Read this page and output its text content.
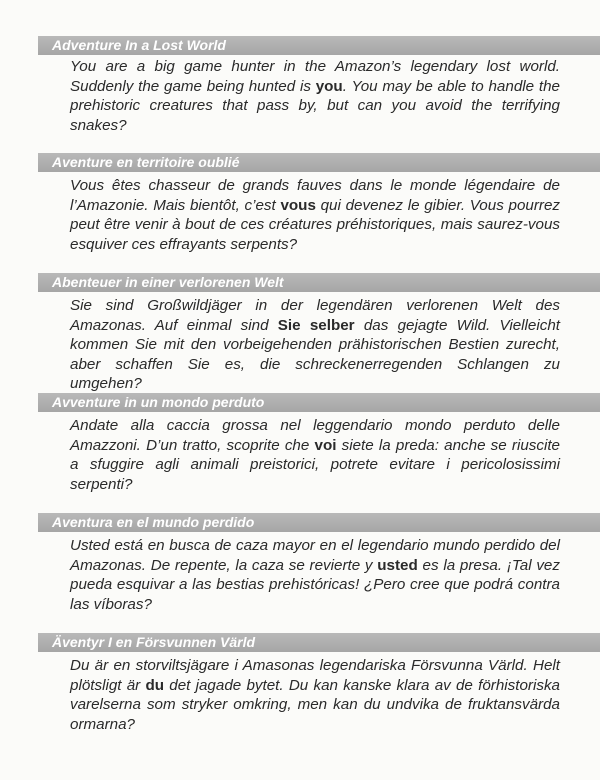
Adventure In a Lost World
You are a big game hunter in the Amazon’s legendary lost world. Suddenly the game being hunted is you. You may be able to handle the prehistoric creatures that pass by, but can you avoid the terrifying snakes?
Aventure en territoire oublié
Vous êtes chasseur de grands fauves dans le monde légendaire de l’Amazonie. Mais bientôt, c’est vous qui devenez le gibier. Vous pourrez peut être venir à bout de ces créatures préhistoriques, mais saurez-vous esquiver ces effrayants serpents?
Abenteuer in einer verlorenen Welt
Sie sind Großwildjäger in der legendären verlorenen Welt des Amazonas. Auf einmal sind Sie selber das gejagte Wild. Vielleicht kommen Sie mit den vorbeigehenden prähistorischen Bestien zurecht, aber schaffen Sie es, die schreckenerregenden Schlangen zu umgehen?
Avventure in un mondo perduto
Andate alla caccia grossa nel leggendario mondo perduto delle Amazzoni. D’un tratto, scoprite che voi siete la preda: anche se riuscite a sfuggire agli animali preistorici, potrete evitare i pericolosissimi serpenti?
Aventura en el mundo perdido
Usted está en busca de caza mayor en el legendario mundo perdido del Amazonas. De repente, la caza se revierte y usted es la presa. ¡Tal vez pueda esquivar a las bestias prehistóricas! ¿Pero cree que podrá contra las víboras?
Äventyr I en Försvunnen Värld
Du är en storviltsjägare i Amasonas legendariska Försvunna Värld. Helt plötsligt är du det jagade bytet. Du kan kanske klara av de förhistoriska varelserna som stryker omkring, men kan du undvika de fruktansvärda ormarna?
